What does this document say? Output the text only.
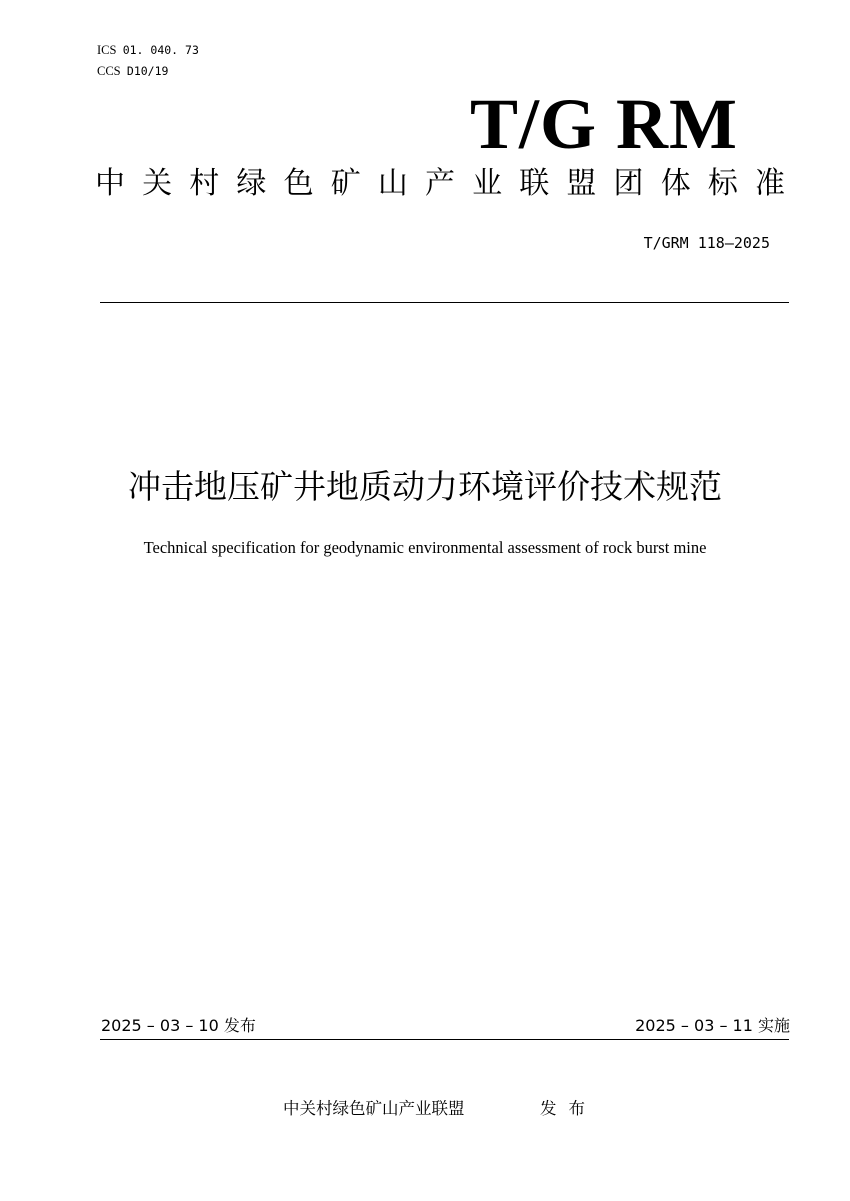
ICS 01. 040. 73
CCS D10/19
T/G RM
中 关 村 绿 色 矿 山 产 业 联 盟 团 体 标 准
T/GRM 118—2025
冲击地压矿井地质动力环境评价技术规范
Technical specification for geodynamic environmental assessment of rock burst mine
2025 – 03 – 10 发布	2025 – 03 – 11 实施
中关村绿色矿山产业联盟	发布
